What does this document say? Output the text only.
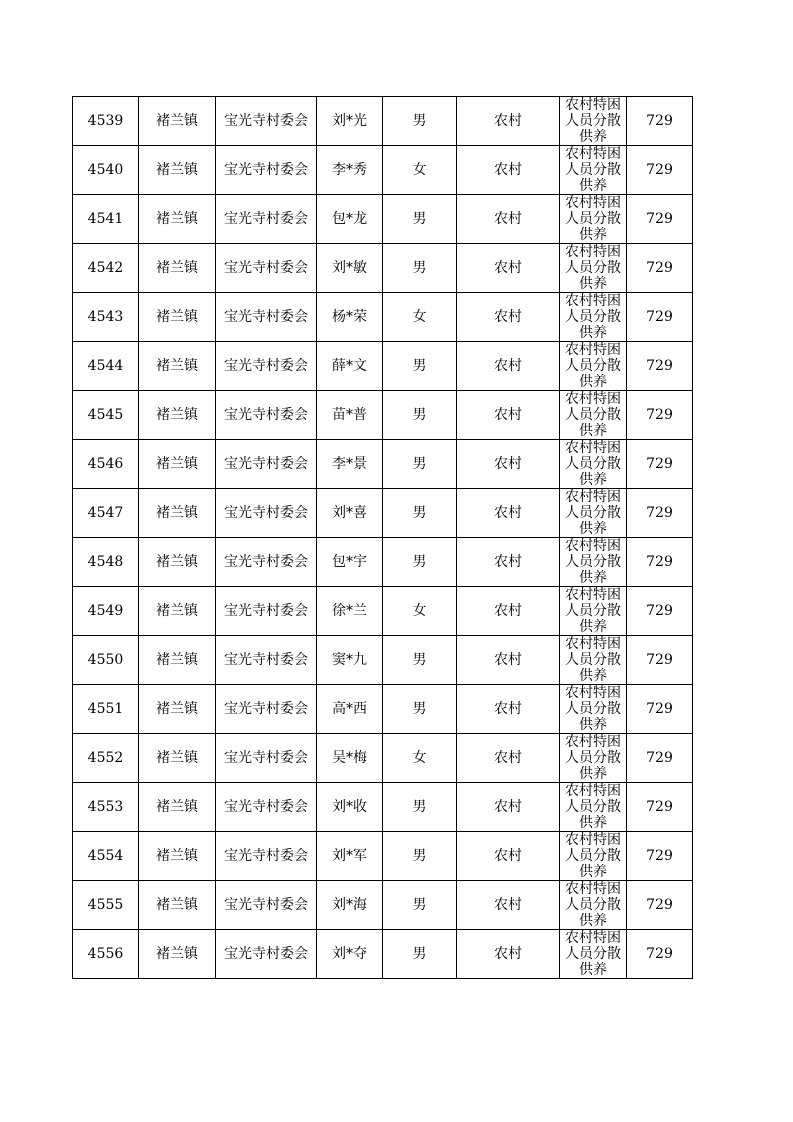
4539	褚兰镇	宝光寺村委会	刘*光	男	农村	农村特困人员分散供养	729
4540	褚兰镇	宝光寺村委会	李*秀	女	农村	农村特困人员分散供养	729
4541	褚兰镇	宝光寺村委会	包*龙	男	农村	农村特困人员分散供养	729
4542	褚兰镇	宝光寺村委会	刘*敏	男	农村	农村特困人员分散供养	729
4543	褚兰镇	宝光寺村委会	杨*荣	女	农村	农村特困人员分散供养	729
4544	褚兰镇	宝光寺村委会	薛*文	男	农村	农村特困人员分散供养	729
4545	褚兰镇	宝光寺村委会	苗*普	男	农村	农村特困人员分散供养	729
4546	褚兰镇	宝光寺村委会	李*景	男	农村	农村特困人员分散供养	729
4547	褚兰镇	宝光寺村委会	刘*喜	男	农村	农村特困人员分散供养	729
4548	褚兰镇	宝光寺村委会	包*宇	男	农村	农村特困人员分散供养	729
4549	褚兰镇	宝光寺村委会	徐*兰	女	农村	农村特困人员分散供养	729
4550	褚兰镇	宝光寺村委会	窦*九	男	农村	农村特困人员分散供养	729
4551	褚兰镇	宝光寺村委会	高*西	男	农村	农村特困人员分散供养	729
4552	褚兰镇	宝光寺村委会	吴*梅	女	农村	农村特困人员分散供养	729
4553	褚兰镇	宝光寺村委会	刘*收	男	农村	农村特困人员分散供养	729
4554	褚兰镇	宝光寺村委会	刘*军	男	农村	农村特困人员分散供养	729
4555	褚兰镇	宝光寺村委会	刘*海	男	农村	农村特困人员分散供养	729
4556	褚兰镇	宝光寺村委会	刘*夺	男	农村	农村特困人员分散供养	729
